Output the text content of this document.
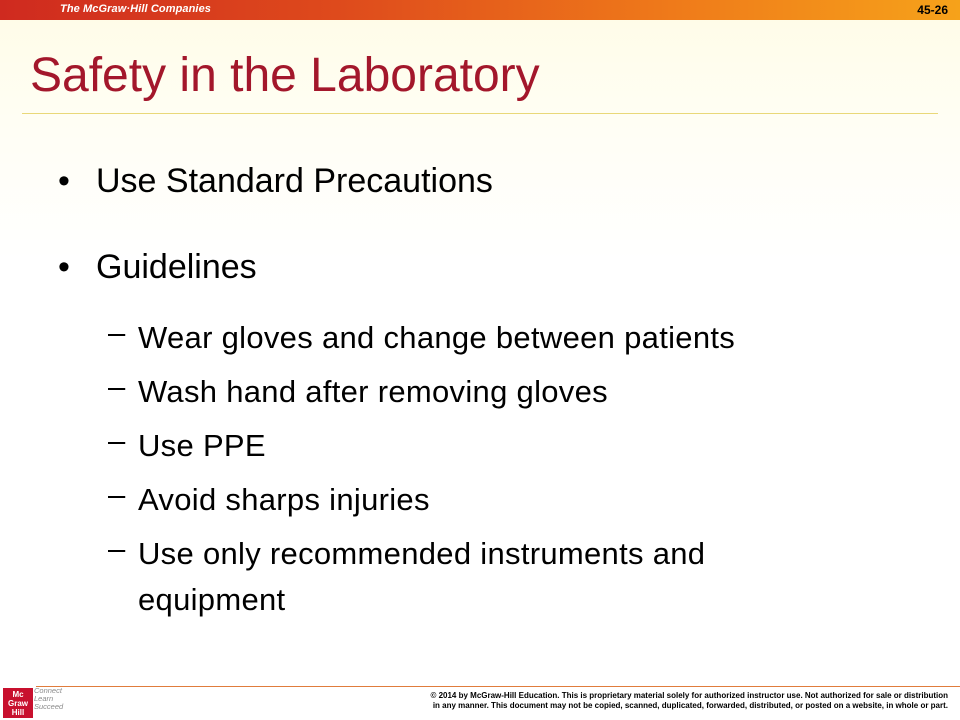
The McGraw·Hill Companies	45-26
Safety in the Laboratory
• Use Standard Precautions
• Guidelines
– Wear gloves and change between patients
– Wash hand after removing gloves
– Use PPE
– Avoid sharps injuries
– Use only recommended instruments and equipment
Mc
Graw
Hill
Connect
Learn
Succeed
© 2014 by McGraw-Hill Education. This is proprietary material solely for authorized instructor use. Not authorized for sale or distribution
in any manner. This document may not be copied, scanned, duplicated, forwarded, distributed, or posted on a website, in whole or part.
